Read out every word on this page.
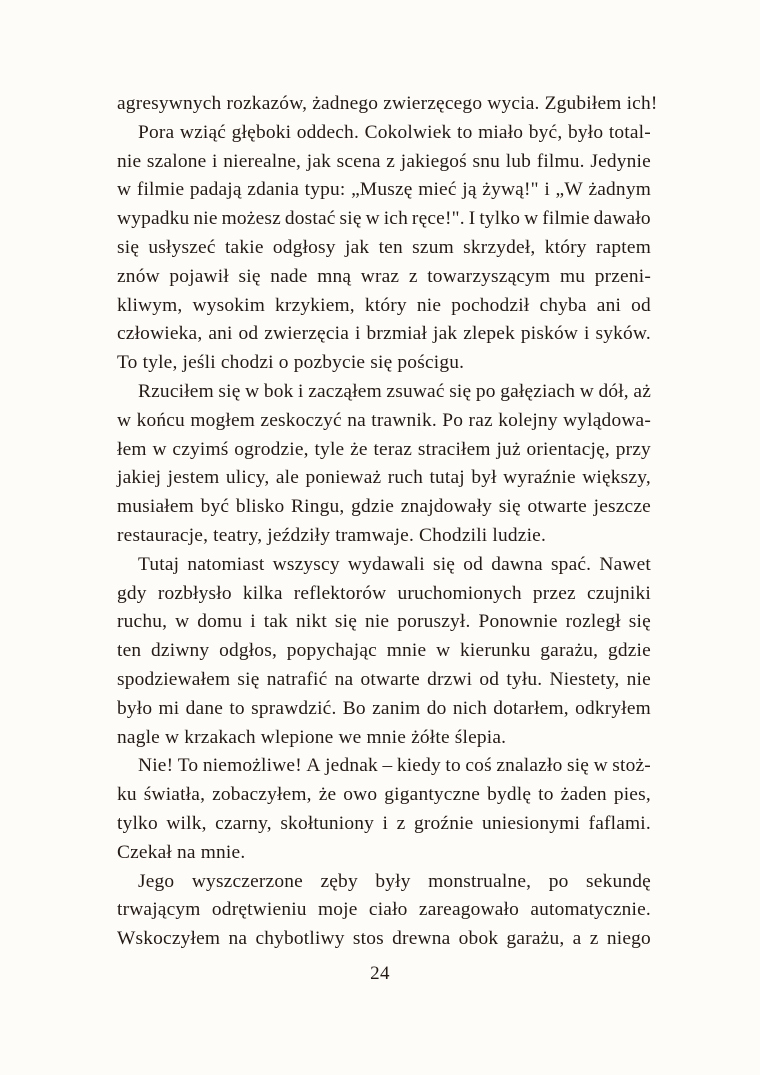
agresywnych rozkazów, żadnego zwierzęcego wycia. Zgubiłem ich!
Pora wziąć głęboki oddech. Cokolwiek to miało być, było total-
nie szalone i nierealne, jak scena z jakiegoś snu lub filmu. Jedynie
w filmie padają zdania typu: „Muszę mieć ją żywą!" i „W żadnym
wypadku nie możesz dostać się w ich ręce!". I tylko w filmie dawało
się usłyszeć takie odgłosy jak ten szum skrzydeł, który raptem
znów pojawił się nade mną wraz z towarzyszącym mu przeni-
kliwym, wysokim krzykiem, który nie pochodził chyba ani od
człowieka, ani od zwierzęcia i brzmiał jak zlepek pisków i syków.
To tyle, jeśli chodzi o pozbycie się pościgu.
Rzuciłem się w bok i zacząłem zsuwać się po gałęziach w dół, aż
w końcu mogłem zeskoczyć na trawnik. Po raz kolejny wylądowa-
łem w czyimś ogrodzie, tyle że teraz straciłem już orientację, przy
jakiej jestem ulicy, ale ponieważ ruch tutaj był wyraźnie większy,
musiałem być blisko Ringu, gdzie znajdowały się otwarte jeszcze
restauracje, teatry, jeździły tramwaje. Chodzili ludzie.
Tutaj natomiast wszyscy wydawali się od dawna spać. Nawet
gdy rozbłysło kilka reflektorów uruchomionych przez czujniki
ruchu, w domu i tak nikt się nie poruszył. Ponownie rozległ się
ten dziwny odgłos, popychając mnie w kierunku garażu, gdzie
spodziewałem się natrafić na otwarte drzwi od tyłu. Niestety, nie
było mi dane to sprawdzić. Bo zanim do nich dotarłem, odkryłem
nagle w krzakach wlepione we mnie żółte ślepia.
Nie! To niemożliwe! A jednak – kiedy to coś znalazło się w stoż-
ku światła, zobaczyłem, że owo gigantyczne bydlę to żaden pies,
tylko wilk, czarny, skołtuniony i z groźnie uniesionymi faflami.
Czekał na mnie.
Jego wyszczerzone zęby były monstrualne, po sekundę
trwającym odrętwieniu moje ciało zareagowało automatycznie.
Wskoczyłem na chybotliwy stos drewna obok garażu, a z niego
24
